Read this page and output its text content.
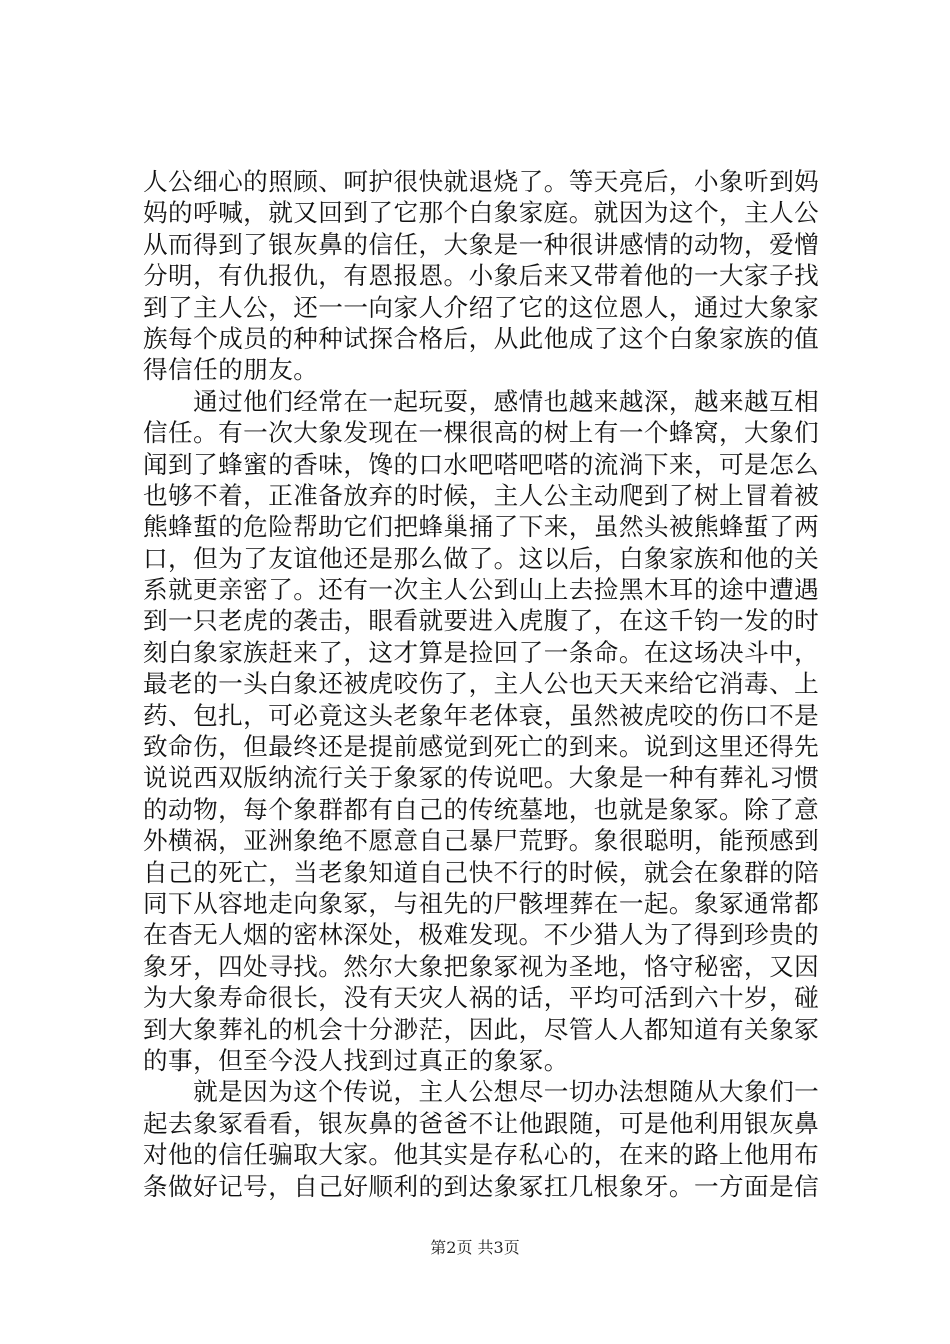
人公细心的照顾、呵护很快就退烧了。等天亮后，小象听到妈
妈的呼喊，就又回到了它那个白象家庭。就因为这个，主人公
从而得到了银灰鼻的信任，大象是一种很讲感情的动物，爱憎
分明，有仇报仇，有恩报恩。小象后来又带着他的一大家子找
到了主人公，还一一向家人介绍了它的这位恩人，通过大象家
族每个成员的种种试探合格后，从此他成了这个白象家族的值
得信任的朋友。
　　通过他们经常在一起玩耍，感情也越来越深，越来越互相
信任。有一次大象发现在一棵很高的树上有一个蜂窝，大象们
闻到了蜂蜜的香味，馋的口水吧嗒吧嗒的流淌下来，可是怎么
也够不着，正准备放弃的时候，主人公主动爬到了树上冒着被
熊蜂蜇的危险帮助它们把蜂巢捅了下来，虽然头被熊蜂蜇了两
口，但为了友谊他还是那么做了。这以后，白象家族和他的关
系就更亲密了。还有一次主人公到山上去捡黑木耳的途中遭遇
到一只老虎的袭击，眼看就要进入虎腹了，在这千钧一发的时
刻白象家族赶来了，这才算是捡回了一条命。在这场决斗中，
最老的一头白象还被虎咬伤了，主人公也天天来给它消毒、上
药、包扎，可必竟这头老象年老体衰，虽然被虎咬的伤口不是
致命伤，但最终还是提前感觉到死亡的到来。说到这里还得先
说说西双版纳流行关于象冢的传说吧。大象是一种有葬礼习惯
的动物，每个象群都有自己的传统墓地，也就是象冢。除了意
外横祸，亚洲象绝不愿意自己暴尸荒野。象很聪明，能预感到
自己的死亡，当老象知道自己快不行的时候，就会在象群的陪
同下从容地走向象冢，与祖先的尸骸埋葬在一起。象冢通常都
在杳无人烟的密林深处，极难发现。不少猎人为了得到珍贵的
象牙，四处寻找。然尔大象把象冢视为圣地，恪守秘密，又因
为大象寿命很长，没有天灾人祸的话，平均可活到六十岁，碰
到大象葬礼的机会十分渺茫，因此，尽管人人都知道有关象冢
的事，但至今没人找到过真正的象冢。
　　就是因为这个传说，主人公想尽一切办法想随从大象们一
起去象冢看看，银灰鼻的爸爸不让他跟随，可是他利用银灰鼻
对他的信任骗取大家。他其实是存私心的，在来的路上他用布
条做好记号，自己好顺利的到达象冢扛几根象牙。一方面是信
第2页 共3页
